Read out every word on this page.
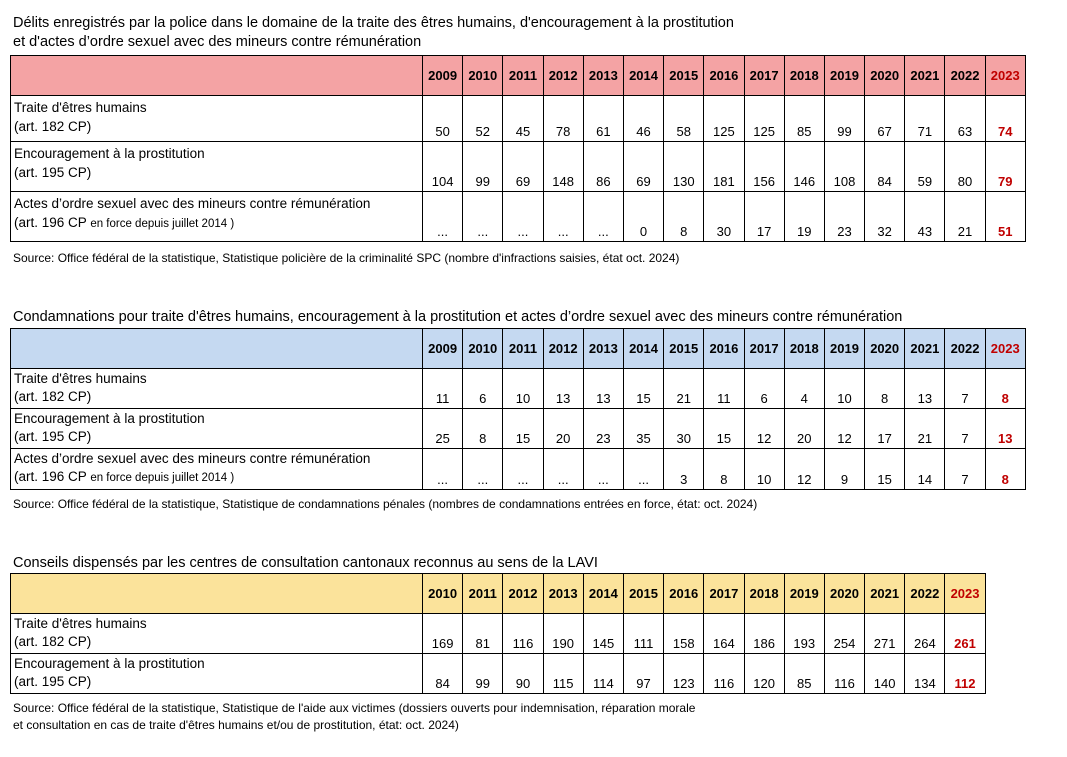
Délits enregistrés par la police dans le domaine de la traite des êtres humains, d'encouragement à la prostitution
et d'actes d’ordre sexuel avec des mineurs contre rémunération
	2009	2010	2011	2012	2013	2014	2015	2016	2017	2018	2019	2020	2021	2022	2023

Traite d'êtres humains
(art. 182 CP)	50	52	45	78	61	46	58	125	125	85	99	67	71	63	74

Encouragement à la prostitution
(art. 195 CP)	104	99	69	148	86	69	130	181	156	146	108	84	59	80	79

Actes d’ordre sexuel avec des mineurs contre rémunération
(art. 196 CP en force depuis juillet 2014 )	...	...	...	...	...	0	8	30	17	19	23	32	43	21	51
Source: Office fédéral de la statistique, Statistique policière de la criminalité SPC (nombre d'infractions saisies, état oct. 2024)
Condamnations pour traite d'êtres humains, encouragement à la prostitution et actes d’ordre sexuel avec des mineurs contre rémunération
	2009	2010	2011	2012	2013	2014	2015	2016	2017	2018	2019	2020	2021	2022	2023

Traite d'êtres humains
(art. 182 CP)	11	6	10	13	13	15	21	11	6	4	10	8	13	7	8

Encouragement à la prostitution
(art. 195 CP)	25	8	15	20	23	35	30	15	12	20	12	17	21	7	13

Actes d’ordre sexuel avec des mineurs contre rémunération
(art. 196 CP en force depuis juillet 2014 )	...	...	...	...	...	...	3	8	10	12	9	15	14	7	8
Source: Office fédéral de la statistique, Statistique de condamnations pénales (nombres de condamnations entrées en force, état: oct. 2024)
Conseils dispensés par les centres de consultation cantonaux reconnus au sens de la LAVI
	2010	2011	2012	2013	2014	2015	2016	2017	2018	2019	2020	2021	2022	2023

Traite d'êtres humains
(art. 182 CP)	169	81	116	190	145	111	158	164	186	193	254	271	264	261

Encouragement à la prostitution
(art. 195 CP)	84	99	90	115	114	97	123	116	120	85	116	140	134	112
Source: Office fédéral de la statistique, Statistique de l'aide aux victimes (dossiers ouverts pour indemnisation, réparation morale
et consultation en cas de traite d'êtres humains et/ou de prostitution, état: oct. 2024)
